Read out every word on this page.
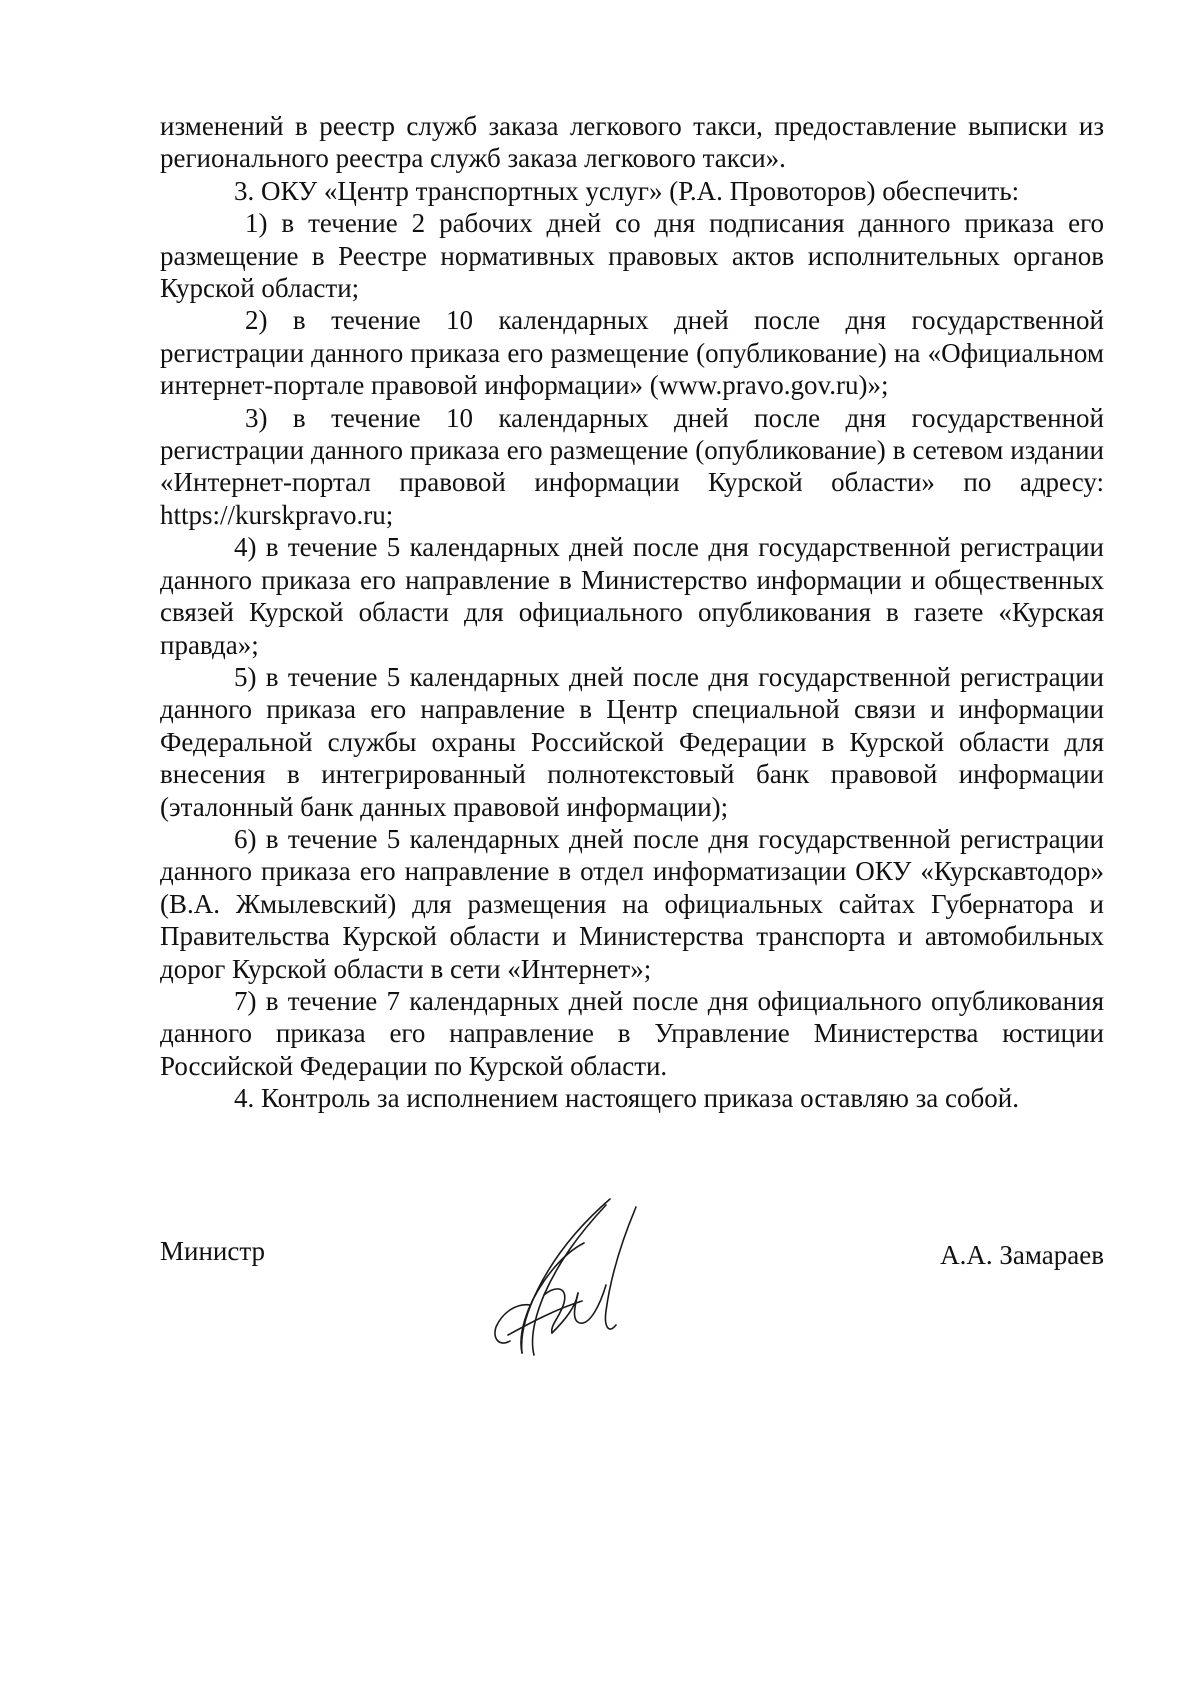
изменений в реестр служб заказа легкового такси, предоставление выписки из регионального реестра служб заказа легкового такси».

3. ОКУ «Центр транспортных услуг» (Р.А. Провоторов) обеспечить:

1) в течение 2 рабочих дней со дня подписания данного приказа его размещение в Реестре нормативных правовых актов исполнительных органов Курской области;

2) в течение 10 календарных дней после дня государственной регистрации данного приказа его размещение (опубликование) на «Официальном интернет-портале правовой информации» (www.pravo.gov.ru)»;

3) в течение 10 календарных дней после дня государственной регистрации данного приказа его размещение (опубликование) в сетевом издании «Интернет-портал правовой информации Курской области» по адресу: https://kurskpravo.ru;

4) в течение 5 календарных дней после дня государственной регистрации данного приказа его направление в Министерство информации и общественных связей Курской области для официального опубликования в газете «Курская правда»;

5) в течение 5 календарных дней после дня государственной регистрации данного приказа его направление в Центр специальной связи и информации Федеральной службы охраны Российской Федерации в Курской области для внесения в интегрированный полнотекстовый банк правовой информации (эталонный банк данных правовой информации);

6) в течение 5 календарных дней после дня государственной регистрации данного приказа его направление в отдел информатизации ОКУ «Курскавтодор» (В.А. Жмылевский) для размещения на официальных сайтах Губернатора и Правительства Курской области и Министерства транспорта и автомобильных дорог Курской области в сети «Интернет»;

7) в течение 7 календарных дней после дня официального опубликования данного приказа его направление в Управление Министерства юстиции Российской Федерации по Курской области.

4. Контроль за исполнением настоящего приказа оставляю за собой.

Министр	А.А. Замараев
